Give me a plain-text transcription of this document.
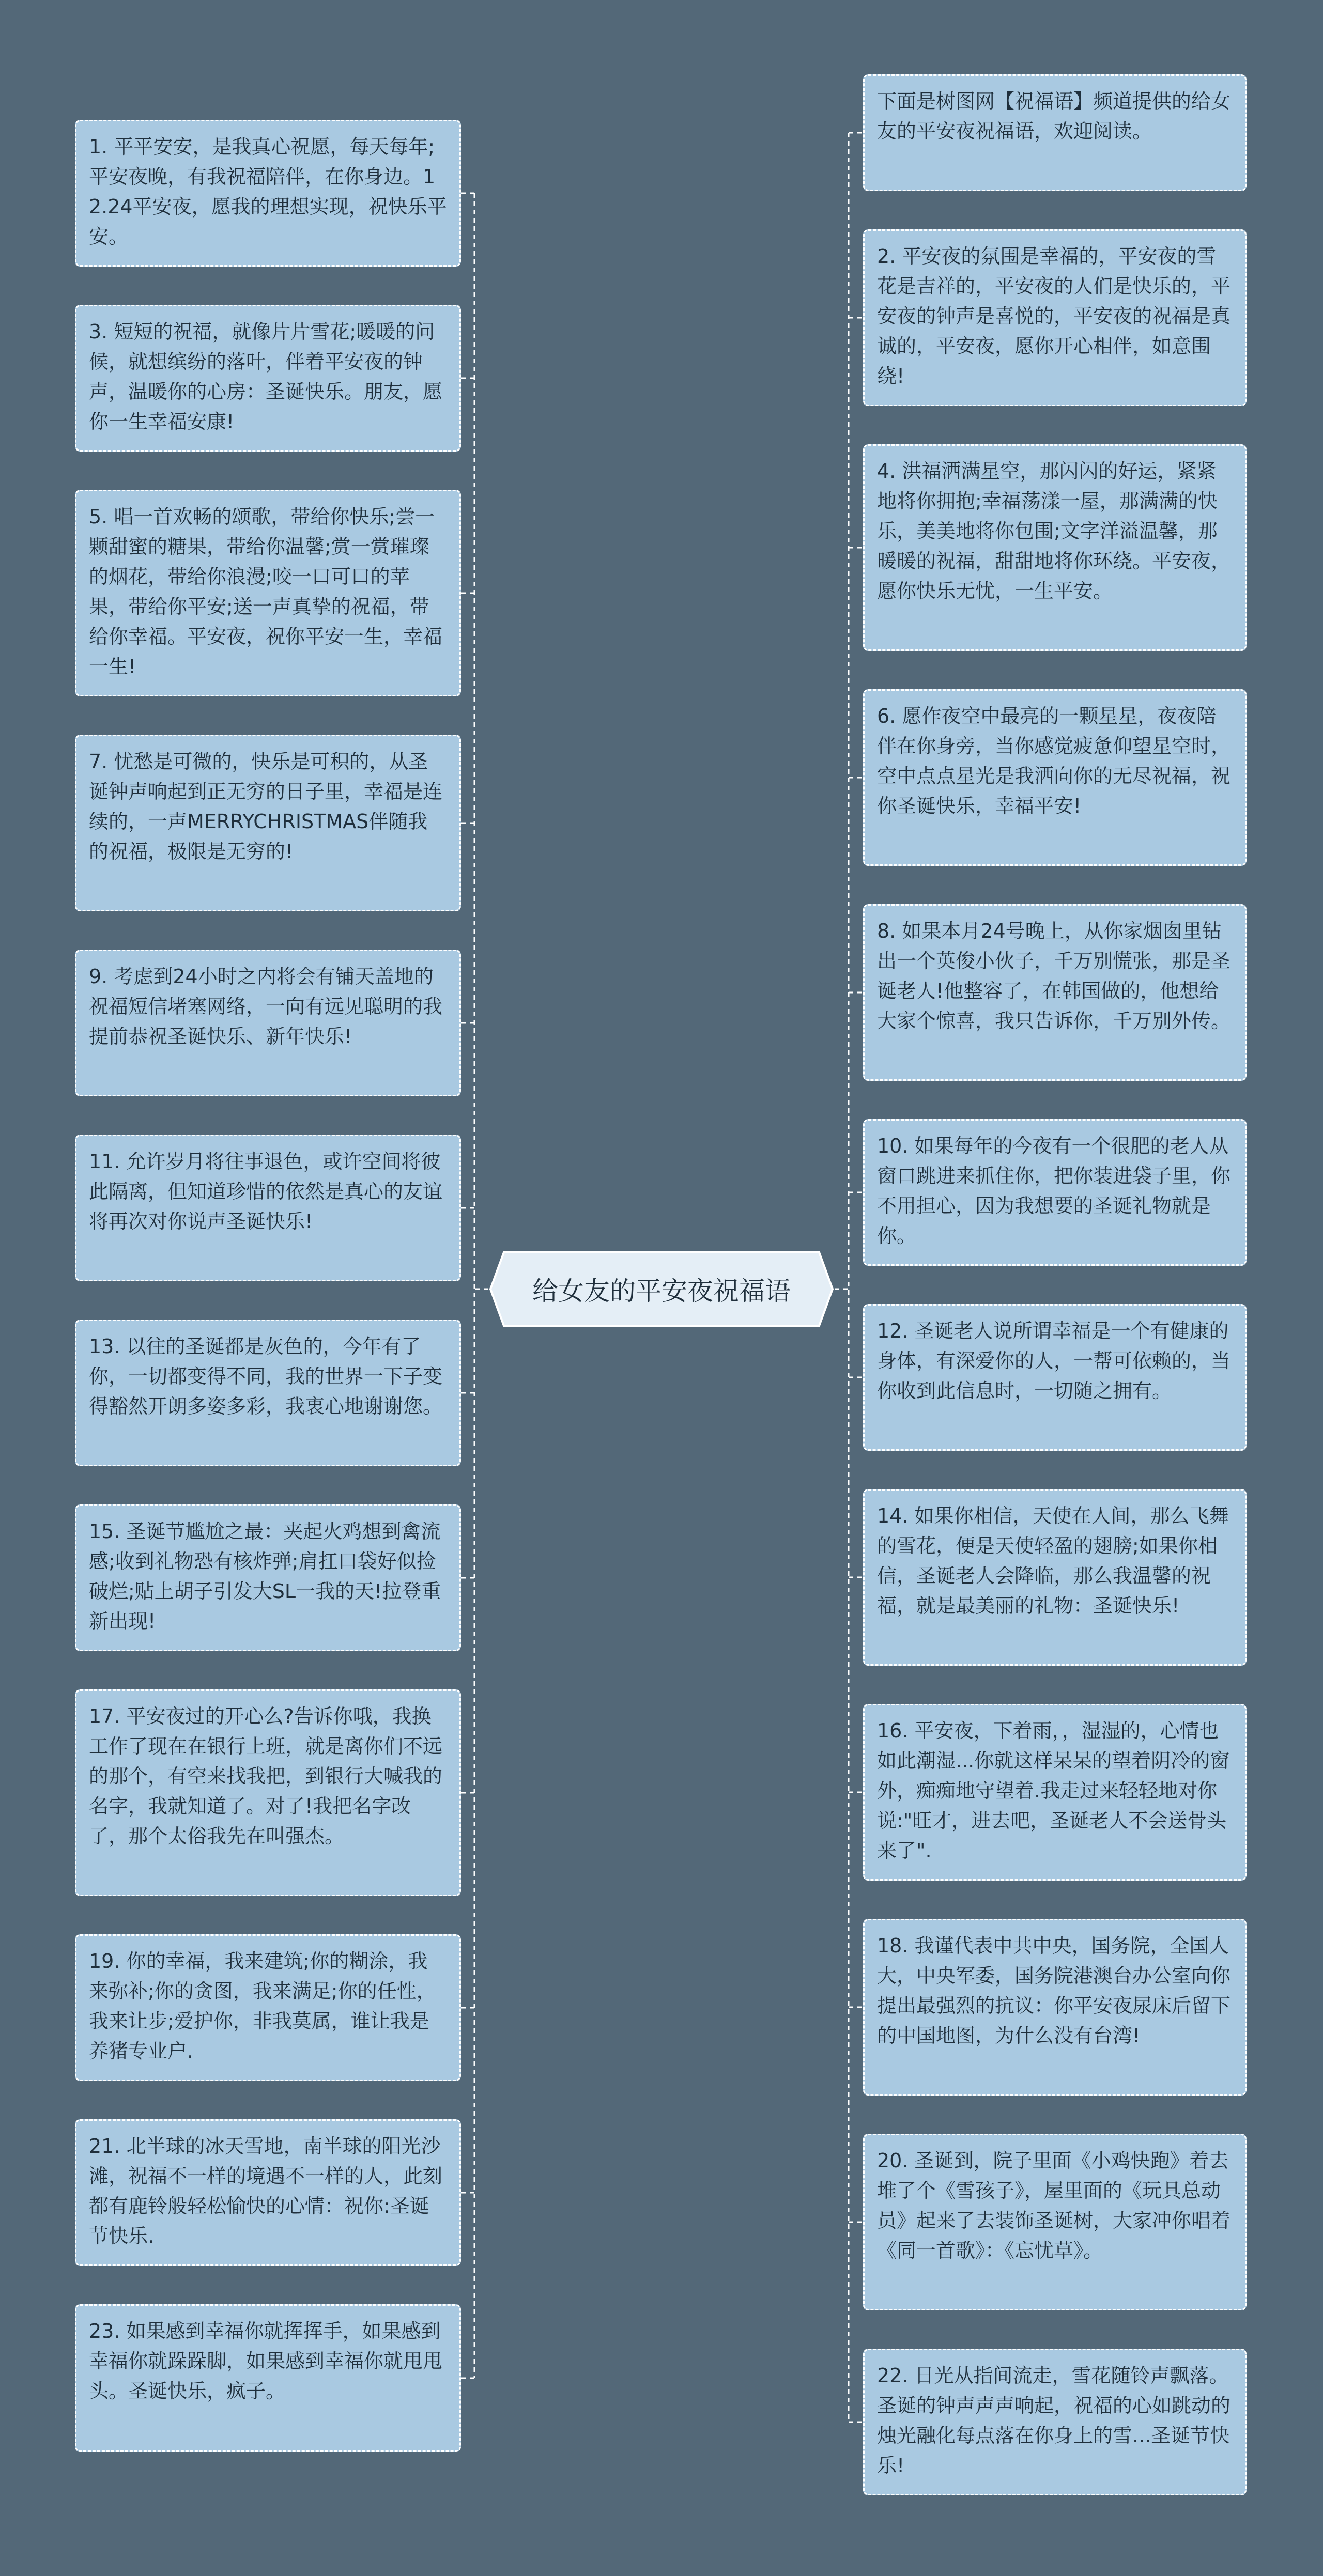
给女友的平安夜祝福语
1. 平平安安，是我真心祝愿，每天每年;平安夜晚，有我祝福陪伴，在你身边。12.24平安夜，愿我的理想实现，祝快乐平安。
3. 短短的祝福，就像片片雪花;暖暖的问候，就想缤纷的落叶，伴着平安夜的钟声，温暖你的心房：圣诞快乐。朋友，愿你一生幸福安康!
5. 唱一首欢畅的颂歌，带给你快乐;尝一颗甜蜜的糖果，带给你温馨;赏一赏璀璨的烟花，带给你浪漫;咬一口可口的苹果，带给你平安;送一声真挚的祝福，带给你幸福。平安夜，祝你平安一生，幸福一生!
7. 忧愁是可微的，快乐是可积的，从圣诞钟声响起到正无穷的日子里，幸福是连续的，一声MERRYCHRISTMAS伴随我的祝福，极限是无穷的!
9. 考虑到24小时之内将会有铺天盖地的祝福短信堵塞网络，一向有远见聪明的我提前恭祝圣诞快乐、新年快乐!
11. 允许岁月将往事退色，或许空间将彼此隔离，但知道珍惜的依然是真心的友谊将再次对你说声圣诞快乐!
13. 以往的圣诞都是灰色的，今年有了你，一切都变得不同，我的世界一下子变得豁然开朗多姿多彩，我衷心地谢谢您。
15. 圣诞节尴尬之最：夹起火鸡想到禽流感;收到礼物恐有核炸弹;肩扛口袋好似捡破烂;贴上胡子引发大SL一我的天!拉登重新出现!
17. 平安夜过的开心么?告诉你哦，我换工作了现在在银行上班，就是离你们不远的那个，有空来找我把，到银行大喊我的名字，我就知道了。对了!我把名字改了，那个太俗我先在叫强杰。
19. 你的幸福，我来建筑;你的糊涂，我来弥补;你的贪图，我来满足;你的任性，我来让步;爱护你，非我莫属，谁让我是养猪专业户.
21. 北半球的冰天雪地，南半球的阳光沙滩，祝福不一样的境遇不一样的人，此刻都有鹿铃般轻松愉快的心情：祝你:圣诞节快乐.
23. 如果感到幸福你就挥挥手，如果感到幸福你就跺跺脚，如果感到幸福你就甩甩头。圣诞快乐，疯子。
下面是树图网【祝福语】频道提供的给女友的平安夜祝福语，欢迎阅读。
2. 平安夜的氛围是幸福的，平安夜的雪花是吉祥的，平安夜的人们是快乐的，平安夜的钟声是喜悦的，平安夜的祝福是真诚的，平安夜，愿你开心相伴，如意围绕!
4. 洪福洒满星空，那闪闪的好运，紧紧地将你拥抱;幸福荡漾一屋，那满满的快乐，美美地将你包围;文字洋溢温馨，那暖暖的祝福，甜甜地将你环绕。平安夜，愿你快乐无忧，一生平安。
6. 愿作夜空中最亮的一颗星星，夜夜陪伴在你身旁，当你感觉疲惫仰望星空时，空中点点星光是我洒向你的无尽祝福，祝你圣诞快乐，幸福平安!
8. 如果本月24号晚上，从你家烟囱里钻出一个英俊小伙子，千万别慌张，那是圣诞老人!他整容了，在韩国做的，他想给大家个惊喜，我只告诉你，千万别外传。
10. 如果每年的今夜有一个很肥的老人从窗口跳进来抓住你，把你装进袋子里，你不用担心，因为我想要的圣诞礼物就是你。
12. 圣诞老人说所谓幸福是一个有健康的身体，有深爱你的人，一帮可依赖的，当你收到此信息时，一切随之拥有。
14. 如果你相信，天使在人间，那么飞舞的雪花，便是天使轻盈的翅膀;如果你相信，圣诞老人会降临，那么我温馨的祝福，就是最美丽的礼物：圣诞快乐!
16. 平安夜，下着雨，，湿湿的，心情也如此潮湿...你就这样呆呆的望着阴冷的窗外，痴痴地守望着.我走过来轻轻地对你说:"旺才，进去吧，圣诞老人不会送骨头来了".
18. 我谨代表中共中央，国务院，全国人大，中央军委，国务院港澳台办公室向你提出最强烈的抗议：你平安夜尿床后留下的中国地图，为什么没有台湾!
20. 圣诞到，院子里面《小鸡快跑》着去堆了个《雪孩子》，屋里面的《玩具总动员》起来了去装饰圣诞树，大家冲你唱着《同一首歌》：《忘忧草》。
22. 日光从指间流走，雪花随铃声飘落。圣诞的钟声声声响起，祝福的心如跳动的烛光融化每点落在你身上的雪...圣诞节快乐!
